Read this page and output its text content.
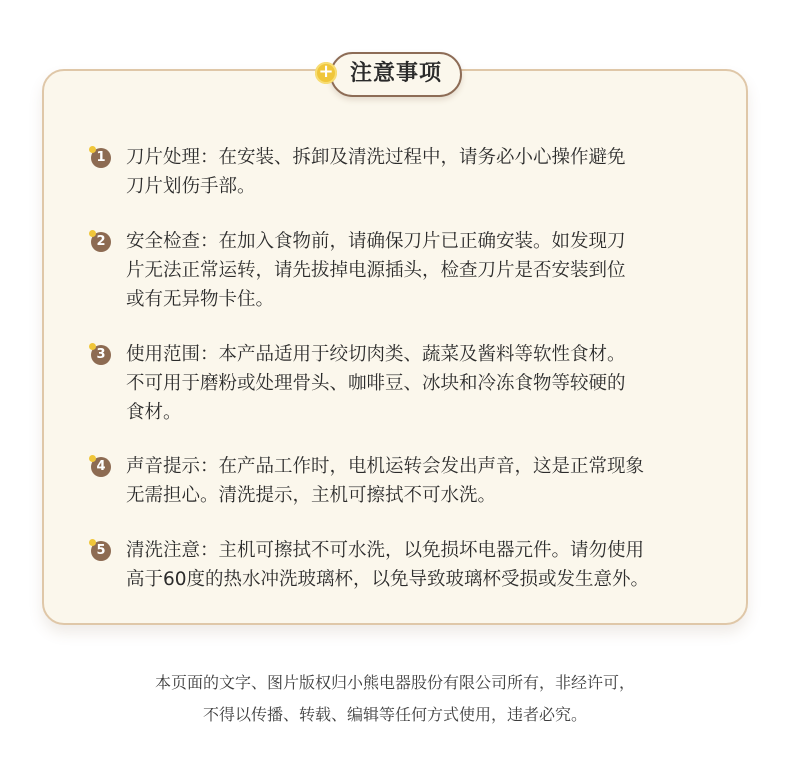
+ 注意事项
1 刀片处理：在安装、拆卸及清洗过程中，请务必小心操作避免
刀片划伤手部。
2 安全检查：在加入食物前，请确保刀片已正确安装。如发现刀
片无法正常运转，请先拔掉电源插头，检查刀片是否安装到位
或有无异物卡住。
3 使用范围：本产品适用于绞切肉类、蔬菜及酱料等软性食材。
不可用于磨粉或处理骨头、咖啡豆、冰块和冷冻食物等较硬的
食材。
4 声音提示：在产品工作时，电机运转会发出声音，这是正常现象
无需担心。清洗提示，主机可擦拭不可水洗。
5 清洗注意：主机可擦拭不可水洗，以免损坏电器元件。请勿使用
高于60度的热水冲洗玻璃杯，以免导致玻璃杯受损或发生意外。
本页面的文字、图片版权归小熊电器股份有限公司所有，非经许可，
不得以传播、转载、编辑等任何方式使用，违者必究。
